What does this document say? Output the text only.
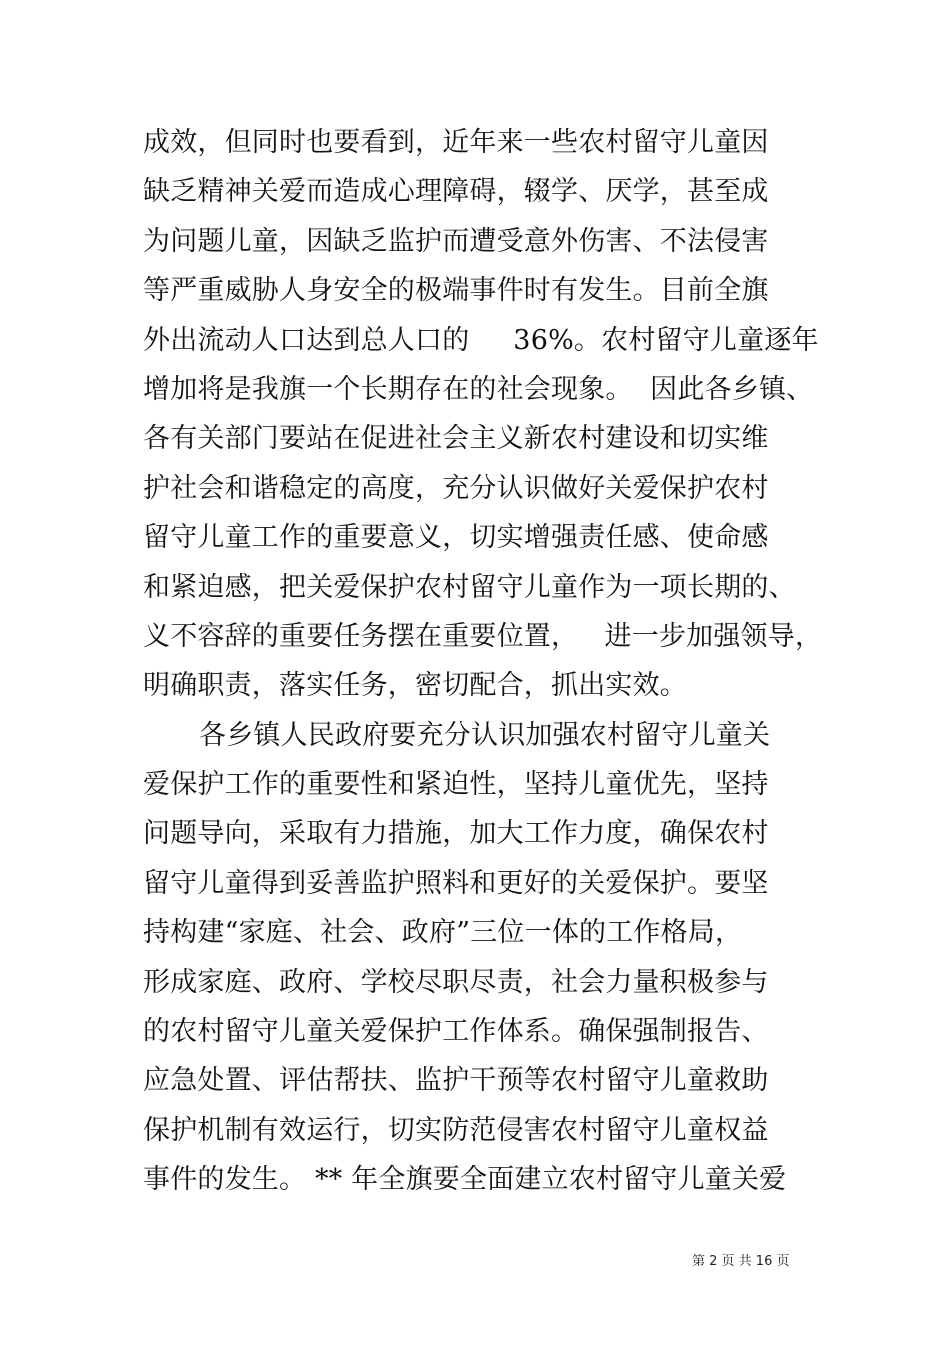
成效，但同时也要看到，近年来一些农村留守儿童因
缺乏精神关爱而造成心理障碍，辍学、厌学，甚至成
为问题儿童，因缺乏监护而遭受意外伤害、不法侵害
等严重威胁人身安全的极端事件时有发生。目前全旗
外出流动人口达到总人口的     36%。农村留守儿童逐年
增加将是我旗一个长期存在的社会现象。  因此各乡镇、
各有关部门要站在促进社会主义新农村建设和切实维
护社会和谐稳定的高度，充分认识做好关爱保护农村
留守儿童工作的重要意义，切实增强责任感、使命感
和紧迫感，把关爱保护农村留守儿童作为一项长期的、
义不容辞的重要任务摆在重要位置，   进一步加强领导，
明确职责，落实任务，密切配合，抓出实效。
各乡镇人民政府要充分认识加强农村留守儿童关
爱保护工作的重要性和紧迫性，坚持儿童优先，坚持
问题导向，采取有力措施，加大工作力度，确保农村
留守儿童得到妥善监护照料和更好的关爱保护。要坚
持构建“家庭、社会、政府”三位一体的工作格局，
形成家庭、政府、学校尽职尽责，社会力量积极参与
的农村留守儿童关爱保护工作体系。确保强制报告、
应急处置、评估帮扶、监护干预等农村留守儿童救助
保护机制有效运行，切实防范侵害农村留守儿童权益
事件的发生。 ** 年全旗要全面建立农村留守儿童关爱
第 2 页 共 16 页
